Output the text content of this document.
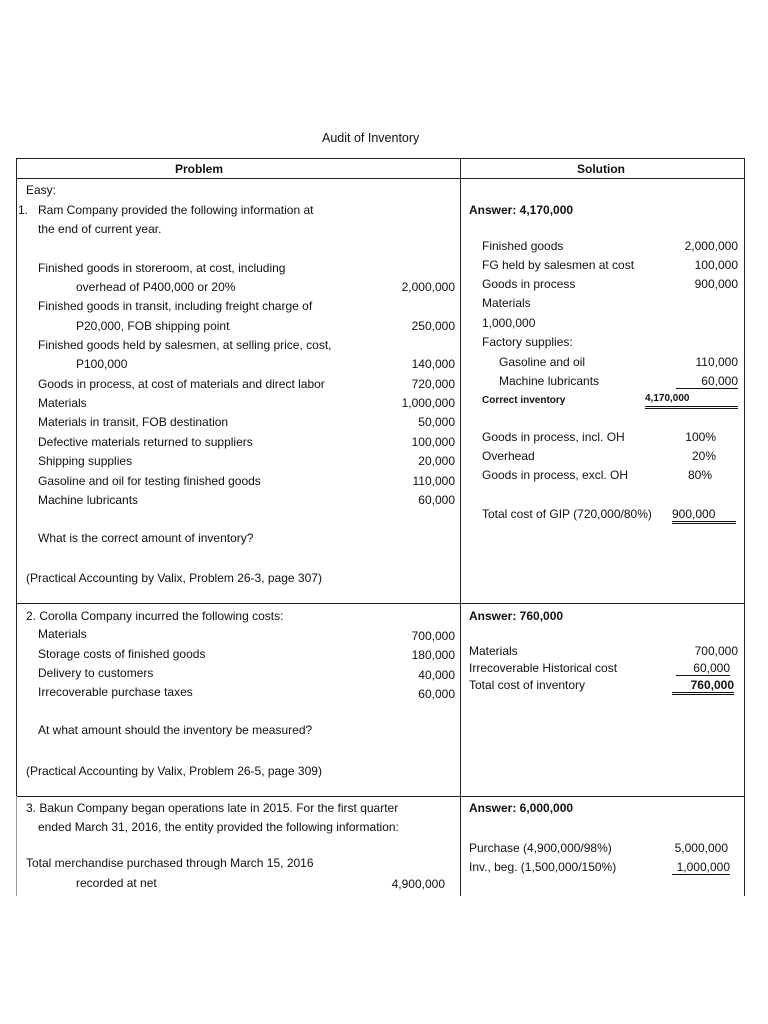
Audit of Inventory
Problem	Solution
Easy:
1. Ram Company provided the following information at
the end of current year.
Finished goods in storeroom, at cost, including
overhead of P400,000 or 20%	2,000,000
Finished goods in transit, including freight charge of
P20,000, FOB shipping point	250,000
Finished goods held by salesmen, at selling price, cost,
P100,000	140,000
Goods in process, at cost of materials and direct labor	720,000
Materials	1,000,000
Materials in transit, FOB destination	50,000
Defective materials returned to suppliers	100,000
Shipping supplies	20,000
Gasoline and oil for testing finished goods	110,000
Machine lubricants	60,000
What is the correct amount of inventory?
(Practical Accounting by Valix, Problem 26-3, page 307)
Answer: 4,170,000
Finished goods	2,000,000
FG held by salesmen at cost	100,000
Goods in process	900,000
Materials
1,000,000
Factory supplies:
Gasoline and oil	110,000
Machine lubricants	60,000
Correct inventory	4,170,000
Goods in process, incl. OH	100%
Overhead	20%
Goods in process, excl. OH	80%
Total cost of GIP (720,000/80%) 900,000
2. Corolla Company incurred the following costs:
Materials	700,000
Storage costs of finished goods	180,000
Delivery to customers	40,000
Irrecoverable purchase taxes	60,000
At what amount should the inventory be measured?
(Practical Accounting by Valix, Problem 26-5, page 309)
Answer: 760,000
Materials	700,000
Irrecoverable Historical cost	60,000
Total cost of inventory	760,000
3. Bakun Company began operations late in 2015. For the first quarter
ended March 31, 2016, the entity provided the following information:
Total merchandise purchased through March 15, 2016
recorded at net	4,900,000
Answer: 6,000,000
Purchase (4,900,000/98%)	5,000,000
Inv., beg. (1,500,000/150%)	1,000,000
